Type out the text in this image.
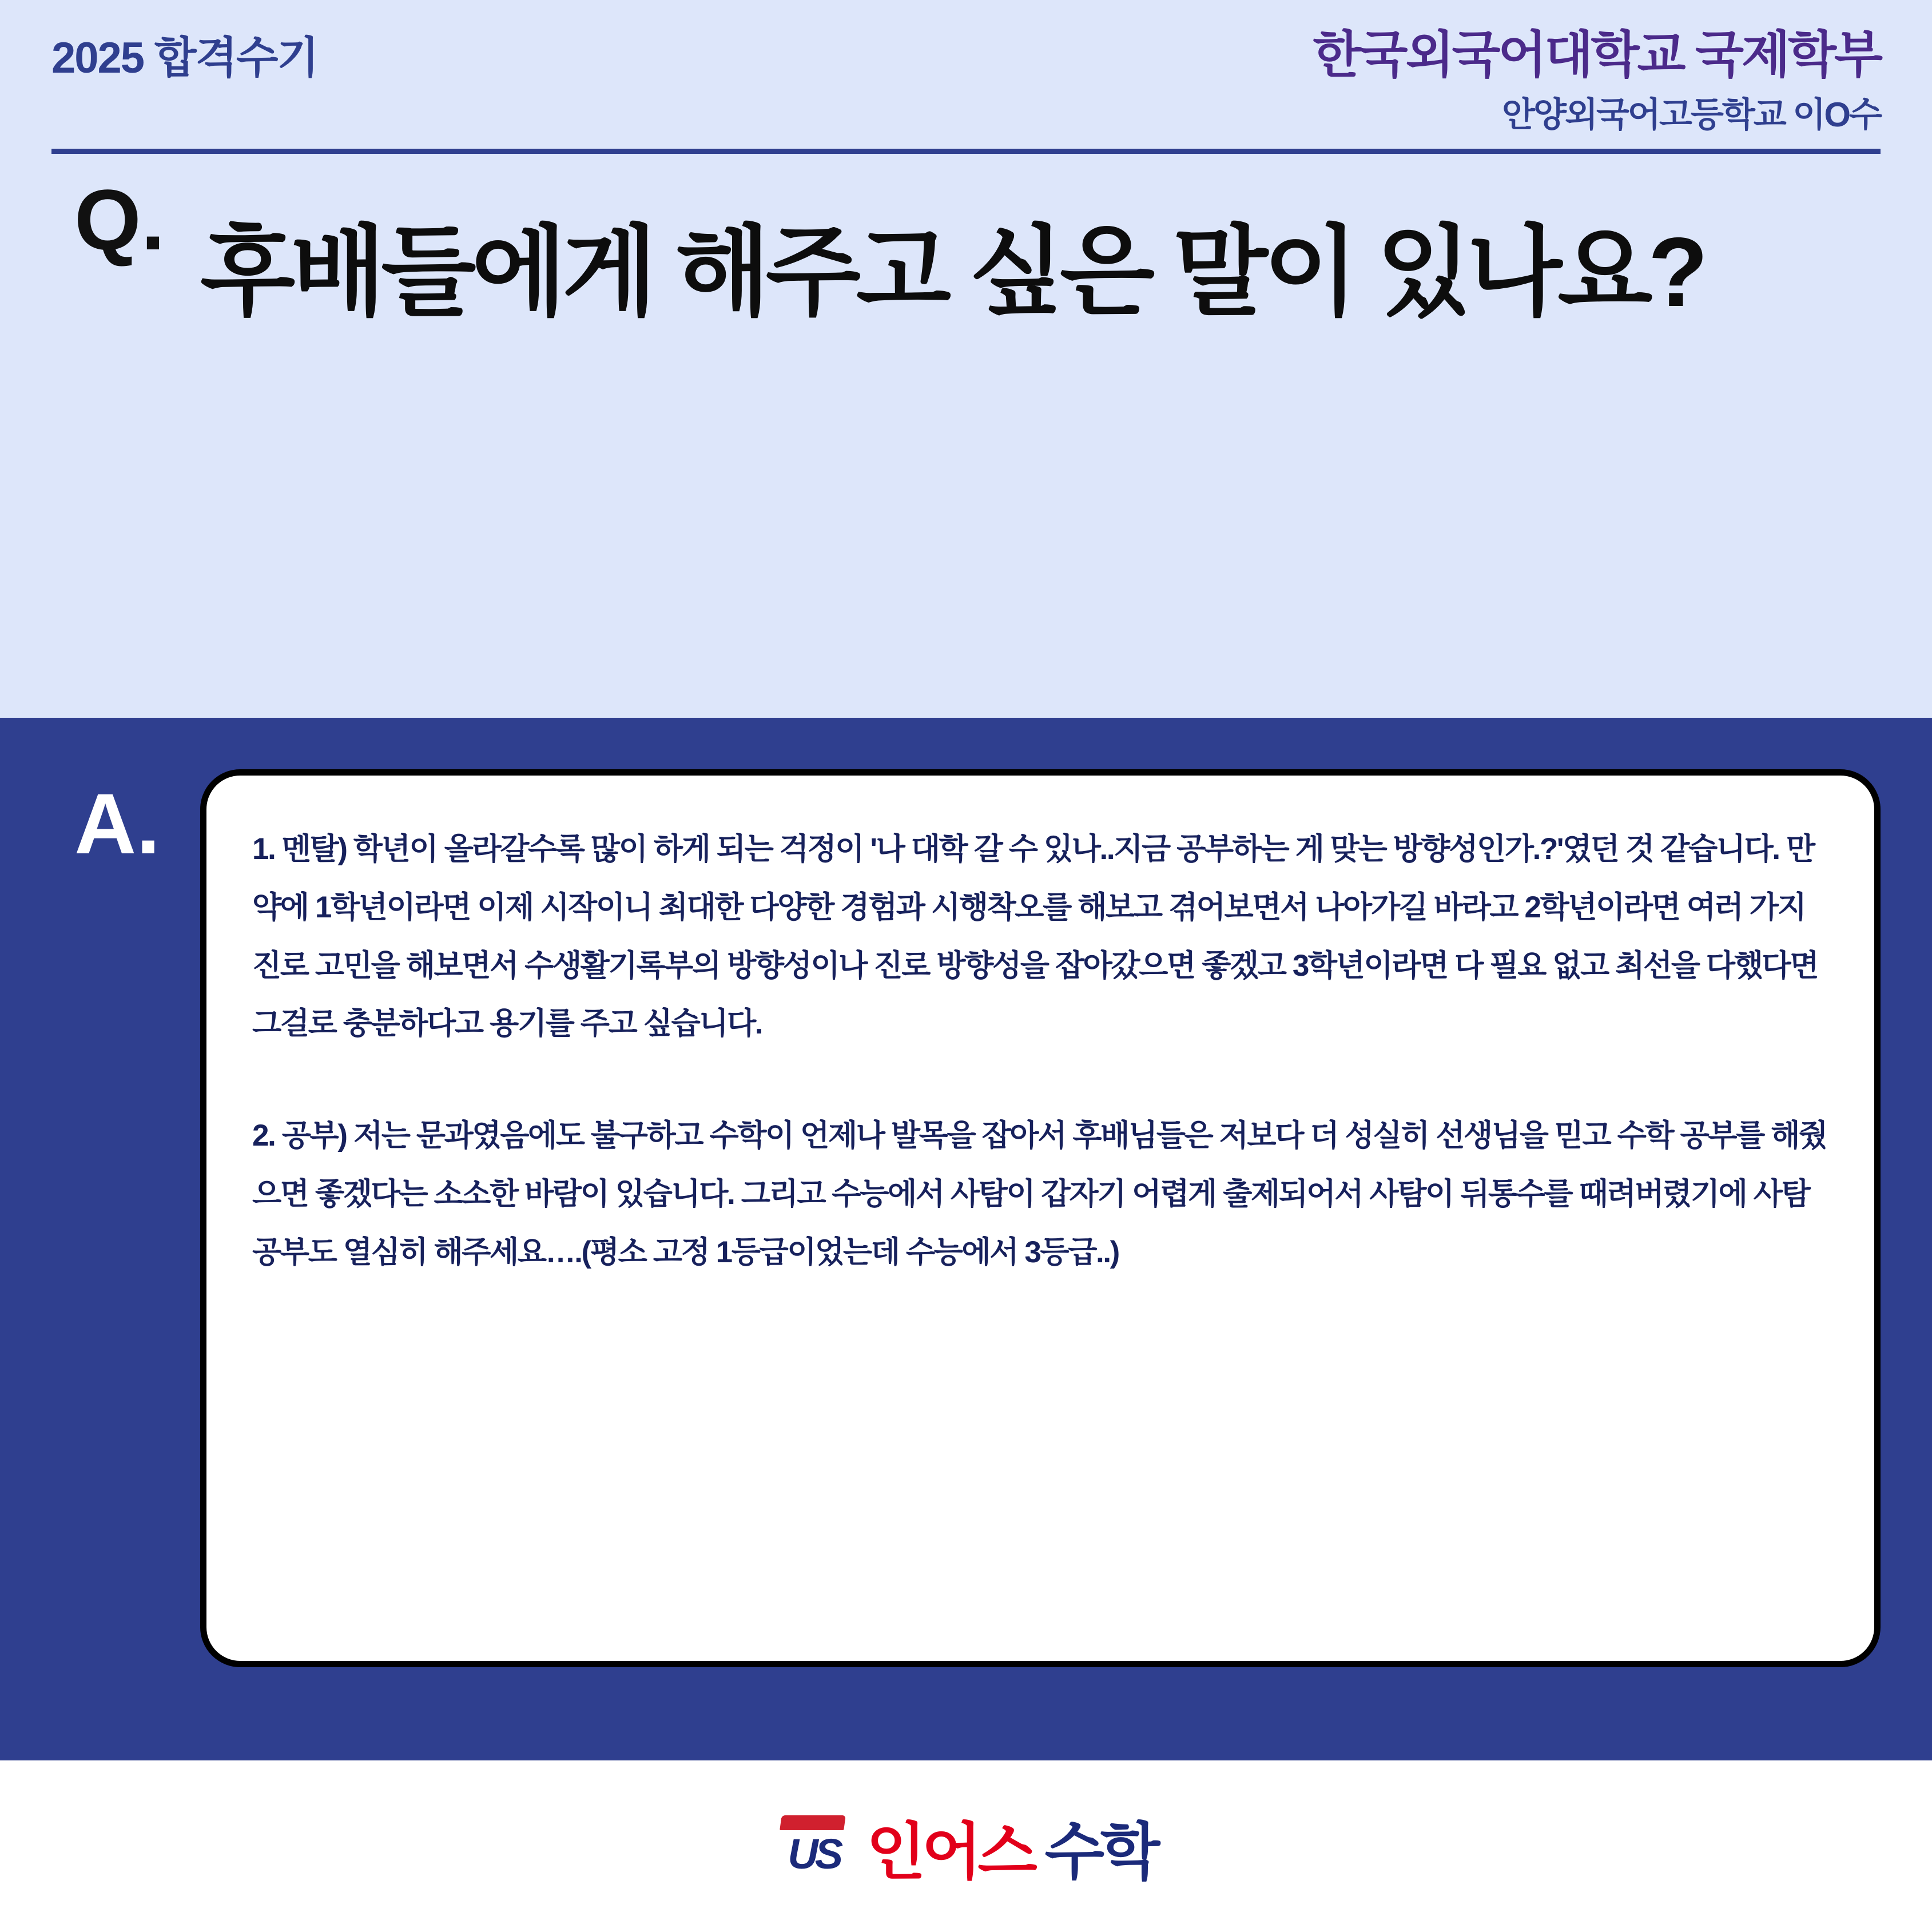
2025 합격수기	한국외국어대학교 국제학부
안양외국어고등학교 이O수
Q. 후배들에게 해주고 싶은 말이 있나요?
A.	1. 멘탈) 학년이 올라갈수록 많이 하게 되는 걱정이 '나 대학 갈 수 있나..지금 공부하는 게 맞는 방향성인가.?'였던 것 같습니다. 만약에 1학년이라면 이제 시작이니 최대한 다양한 경험과 시행착오를 해보고 겪어보면서 나아가길 바라고 2학년이라면 여러 가지 진로 고민을 해보면서 수생활기록부의 방향성이나 진로 방향성을 잡아갔으면 좋겠고 3학년이라면 다 필요 없고 최선을 다했다면 그걸로 충분하다고 용기를 주고 싶습니다.

2. 공부) 저는 문과였음에도 불구하고 수학이 언제나 발목을 잡아서 후배님들은 저보다 더 성실히 선생님을 믿고 수학 공부를 해줬으면 좋겠다는 소소한 바람이 있습니다. 그리고 수능에서 사탐이 갑자기 어렵게 출제되어서 사탐이 뒤통수를 때려버렸기에 사탐 공부도 열심히 해주세요….(평소 고정 1등급이었는데 수능에서 3등급..)

US 인어스 수학
